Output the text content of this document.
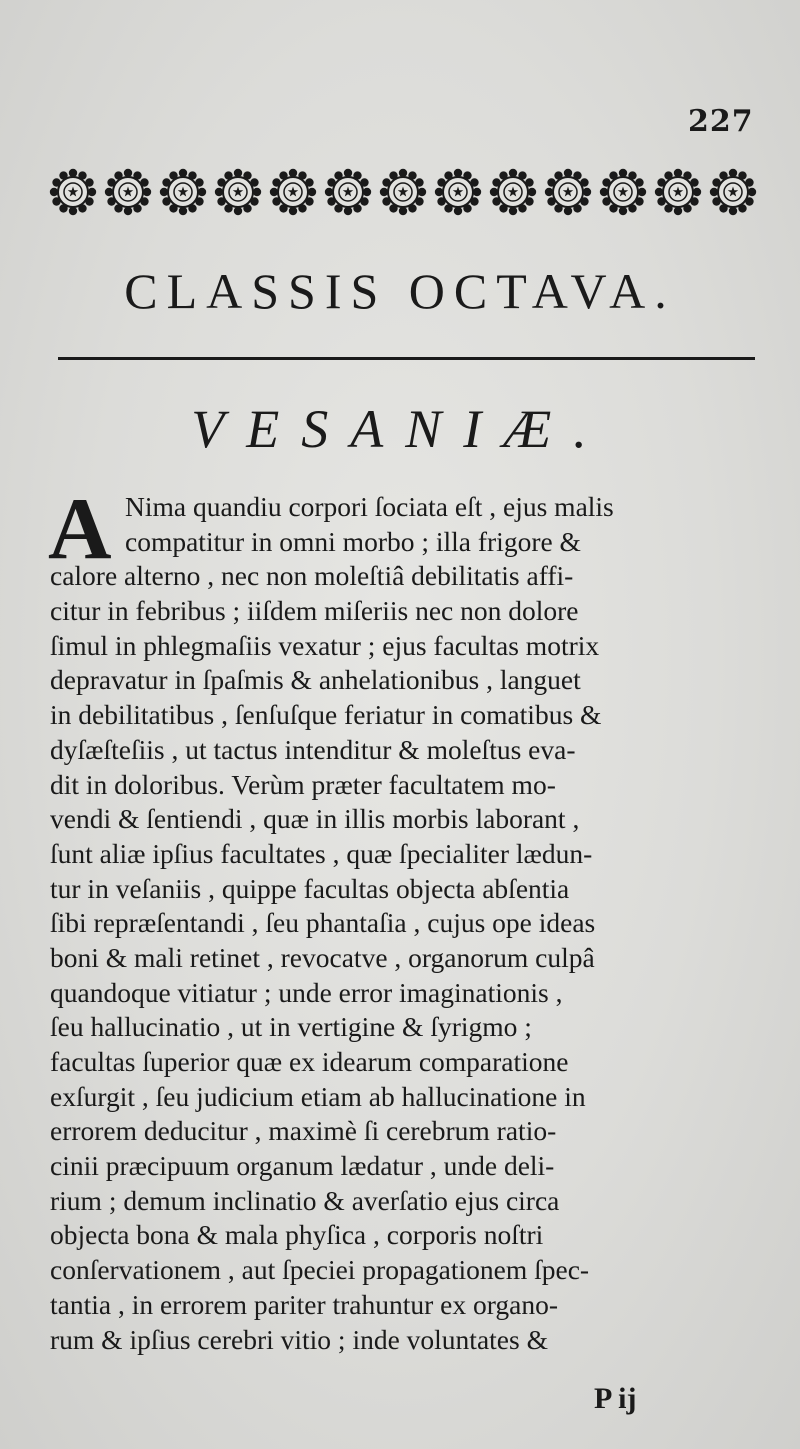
227
CLASSIS OCTAVA.
VESANIÆ.
A Nima quandiu corpori ſociata eſt , ejus malis
compatitur in omni morbo ; illa frigore &
calore alterno , nec non moleſtiâ debilitatis affi-
citur in febribus ; iiſdem miſeriis nec non dolore
ſimul in phlegmaſiis vexatur ; ejus facultas motrix
depravatur in ſpaſmis & anhelationibus , languet
in debilitatibus , ſenſuſque feriatur in comatibus &
dyſæſteſiis , ut tactus intenditur & moleſtus eva-
dit in doloribus. Verùm præter facultatem mo-
vendi & ſentiendi , quæ in illis morbis laborant ,
ſunt aliæ ipſius facultates , quæ ſpecialiter lædun-
tur in veſaniis , quippe facultas objecta abſentia
ſibi repræſentandi , ſeu phantaſia , cujus ope ideas
boni & mali retinet , revocatve , organorum culpâ
quandoque vitiatur ; unde error imaginationis ,
ſeu hallucinatio , ut in vertigine & ſyrigmo ;
facultas ſuperior quæ ex idearum comparatione
exſurgit , ſeu judicium etiam ab hallucinatione in
errorem deducitur , maximè ſi cerebrum ratio-
cinii præcipuum organum lædatur , unde deli-
rium ; demum inclinatio & averſatio ejus circa
objecta bona & mala phyſica , corporis noſtri
conſervationem , aut ſpeciei propagationem ſpec-
tantia , in errorem pariter trahuntur ex organo-
rum & ipſius cerebri vitio ; inde voluntates &
P ij
